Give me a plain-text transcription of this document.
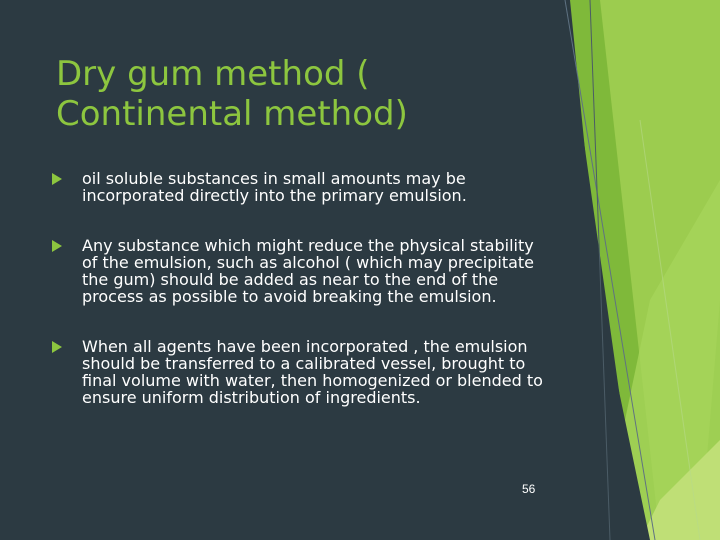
Dry gum method ( Continental method)
oil soluble substances in small amounts may be incorporated directly into the primary emulsion.
Any substance which might reduce the physical stability of the emulsion, such as alcohol ( which may precipitate the gum) should be added as near to the end of the process as possible to avoid breaking the emulsion.
When all agents have been incorporated , the emulsion should be transferred to a calibrated vessel, brought to final volume with water, then homogenized or blended to ensure uniform distribution of ingredients.
56
